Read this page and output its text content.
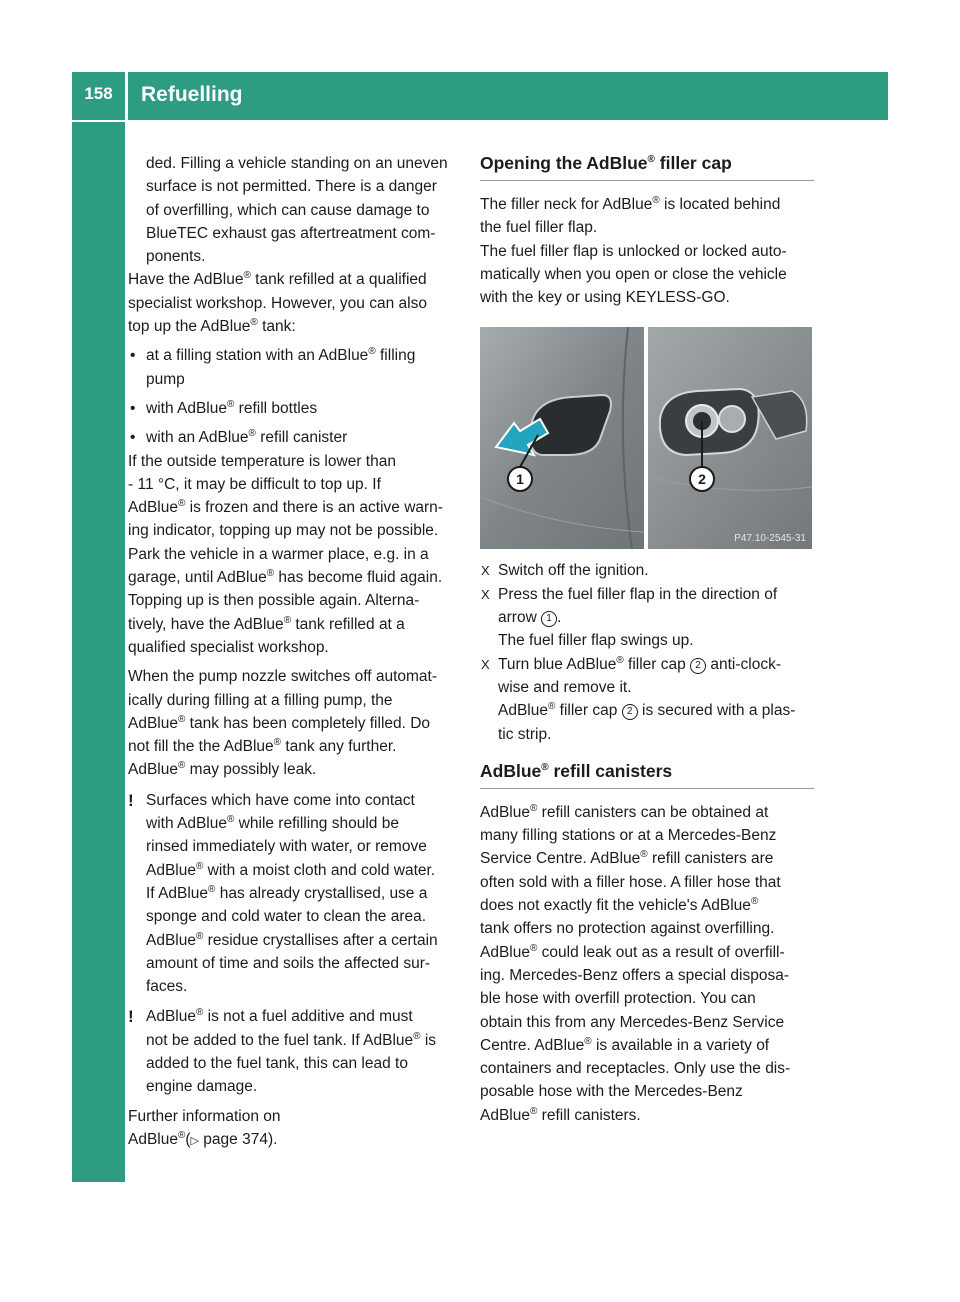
158	Refuelling
Driving and parking ded. Filling a vehicle standing on an uneven

surface is not permitted. There is a danger

of overfilling, which can cause damage to

BlueTEC exhaust gas aftertreatment com-

ponents.

Have the AdBlue® tank refilled at a qualified

specialist workshop. However, you can also

top up the AdBlue® tank:

• at a filling station with an AdBlue® filling

pump

• with AdBlue® refill bottles

• with an AdBlue® refill canister

If the outside temperature is lower than

- 11 °C, it may be difficult to top up. If

AdBlue® is frozen and there is an active warn-

ing indicator, topping up may not be possible.

Park the vehicle in a warmer place, e.g. in a

garage, until AdBlue® has become fluid again.

Topping up is then possible again. Alterna-

tively, have the AdBlue® tank refilled at a

qualified specialist workshop.

When the pump nozzle switches off automat-

ically during filling at a filling pump, the

AdBlue® tank has been completely filled. Do

not fill the the AdBlue® tank any further.

AdBlue® may possibly leak.

! Surfaces which have come into contact

with AdBlue® while refilling should be

rinsed immediately with water, or remove

AdBlue® with a moist cloth and cold water.

If AdBlue® has already crystallised, use a

sponge and cold water to clean the area.

AdBlue® residue crystallises after a certain

amount of time and soils the affected sur-

faces.

! AdBlue® is not a fuel additive and must

not be added to the fuel tank. If AdBlue® is

added to the fuel tank, this can lead to

engine damage.

Further information on

AdBlue®(▷ page 374).

Opening the AdBlue® filler cap

The filler neck for AdBlue® is located behind

the fuel filler flap.

The fuel filler flap is unlocked or locked auto-

matically when you open or close the vehicle

with the key or using KEYLESS-GO.

1	2
P47.10-2545-31

X Switch off the ignition.

X Press the fuel filler flap in the direction of

arrow 1 .

The fuel filler flap swings up.

X Turn blue AdBlue® filler cap 2 anti-clock-

wise and remove it.

AdBlue® filler cap 2 is secured with a plas-

tic strip.

AdBlue® refill canisters

AdBlue® refill canisters can be obtained at

many filling stations or at a Mercedes-Benz

Service Centre. AdBlue® refill canisters are

often sold with a filler hose. A filler hose that

does not exactly fit the vehicle's AdBlue®

tank offers no protection against overfilling.

AdBlue® could leak out as a result of overfill-

ing. Mercedes-Benz offers a special disposa-

ble hose with overfill protection. You can

obtain this from any Mercedes-Benz Service

Centre. AdBlue® is available in a variety of

containers and receptacles. Only use the dis-

posable hose with the Mercedes-Benz

AdBlue® refill canisters.
